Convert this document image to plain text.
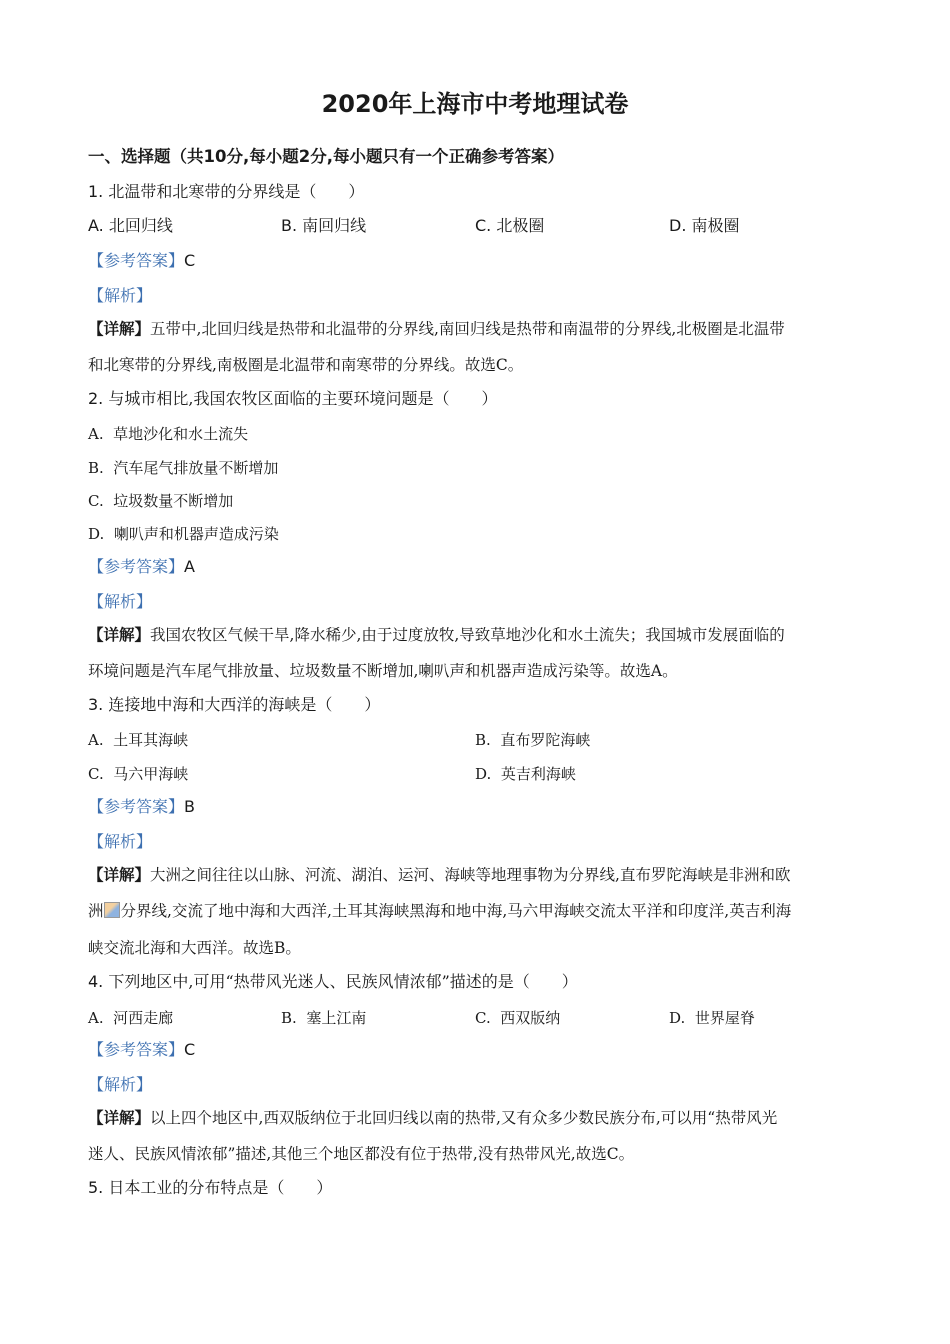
2020年上海市中考地理试卷
一、选择题（共10分,每小题2分,每小题只有一个正确参考答案）
1. 北温带和北寒带的分界线是（　　）
A. 北回归线	B. 南回归线	C. 北极圈	D. 南极圈
【参考答案】C
【解析】
【详解】五带中,北回归线是热带和北温带的分界线,南回归线是热带和南温带的分界线,北极圈是北温带
和北寒带的分界线,南极圈是北温带和南寒带的分界线。故选C。
2. 与城市相比,我国农牧区面临的主要环境问题是（　　）
A. 草地沙化和水土流失
B. 汽车尾气排放量不断增加
C. 垃圾数量不断增加
D. 喇叭声和机器声造成污染
【参考答案】A
【解析】
【详解】我国农牧区气候干旱,降水稀少,由于过度放牧,导致草地沙化和水土流失；我国城市发展面临的
环境问题是汽车尾气排放量、垃圾数量不断增加,喇叭声和机器声造成污染等。故选A。
3. 连接地中海和大西洋的海峡是（　　）
A. 土耳其海峡	B. 直布罗陀海峡
C. 马六甲海峡	D. 英吉利海峡
【参考答案】B
【解析】
【详解】大洲之间往往以山脉、河流、湖泊、运河、海峡等地理事物为分界线,直布罗陀海峡是非洲和欧
洲 分界线,交流了地中海和大西洋,土耳其海峡黑海和地中海,马六甲海峡交流太平洋和印度洋,英吉利海
峡交流北海和大西洋。故选B。
4. 下列地区中,可用“热带风光迷人、民族风情浓郁”描述的是（　　）
A. 河西走廊	B. 塞上江南	C. 西双版纳	D. 世界屋脊
【参考答案】C
【解析】
【详解】以上四个地区中,西双版纳位于北回归线以南的热带,又有众多少数民族分布,可以用“热带风光
迷人、民族风情浓郁”描述,其他三个地区都没有位于热带,没有热带风光,故选C。
5. 日本工业的分布特点是（　　）
